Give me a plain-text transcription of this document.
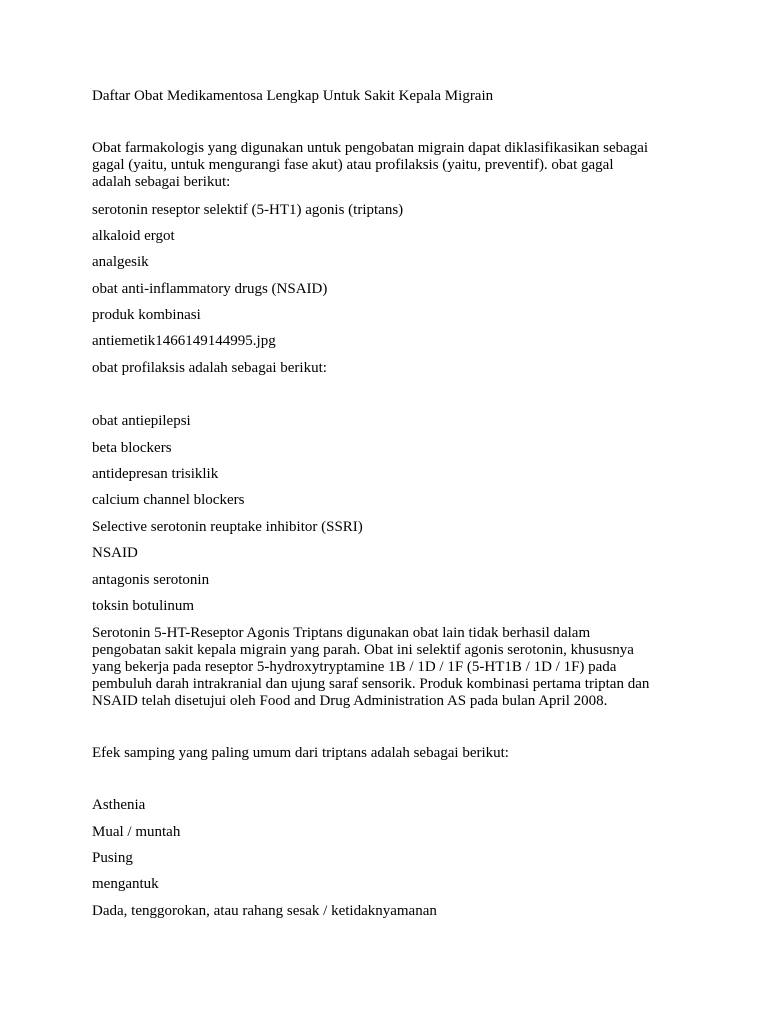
Daftar Obat Medikamentosa Lengkap Untuk Sakit Kepala Migrain

Obat farmakologis yang digunakan untuk pengobatan migrain dapat diklasifikasikan sebagai
gagal (yaitu, untuk mengurangi fase akut) atau profilaksis (yaitu, preventif). obat gagal
adalah sebagai berikut:

serotonin reseptor selektif (5-HT1) agonis (triptans)

alkaloid ergot

analgesik

obat anti-inflammatory drugs (NSAID)

produk kombinasi

antiemetik1466149144995.jpg

obat profilaksis adalah sebagai berikut:

obat antiepilepsi

beta blockers

antidepresan trisiklik

calcium channel blockers

Selective serotonin reuptake inhibitor (SSRI)

NSAID

antagonis serotonin

toksin botulinum

Serotonin 5-HT-Reseptor Agonis Triptans digunakan obat lain tidak berhasil dalam
pengobatan sakit kepala migrain yang parah. Obat ini selektif agonis serotonin, khususnya
yang bekerja pada reseptor 5-hydroxytryptamine 1B / 1D / 1F (5-HT1B / 1D / 1F) pada
pembuluh darah intrakranial dan ujung saraf sensorik. Produk kombinasi pertama triptan dan
NSAID telah disetujui oleh Food and Drug Administration AS pada bulan April 2008.

Efek samping yang paling umum dari triptans adalah sebagai berikut:

Asthenia

Mual / muntah

Pusing

mengantuk

Dada, tenggorokan, atau rahang sesak / ketidaknyamanan
